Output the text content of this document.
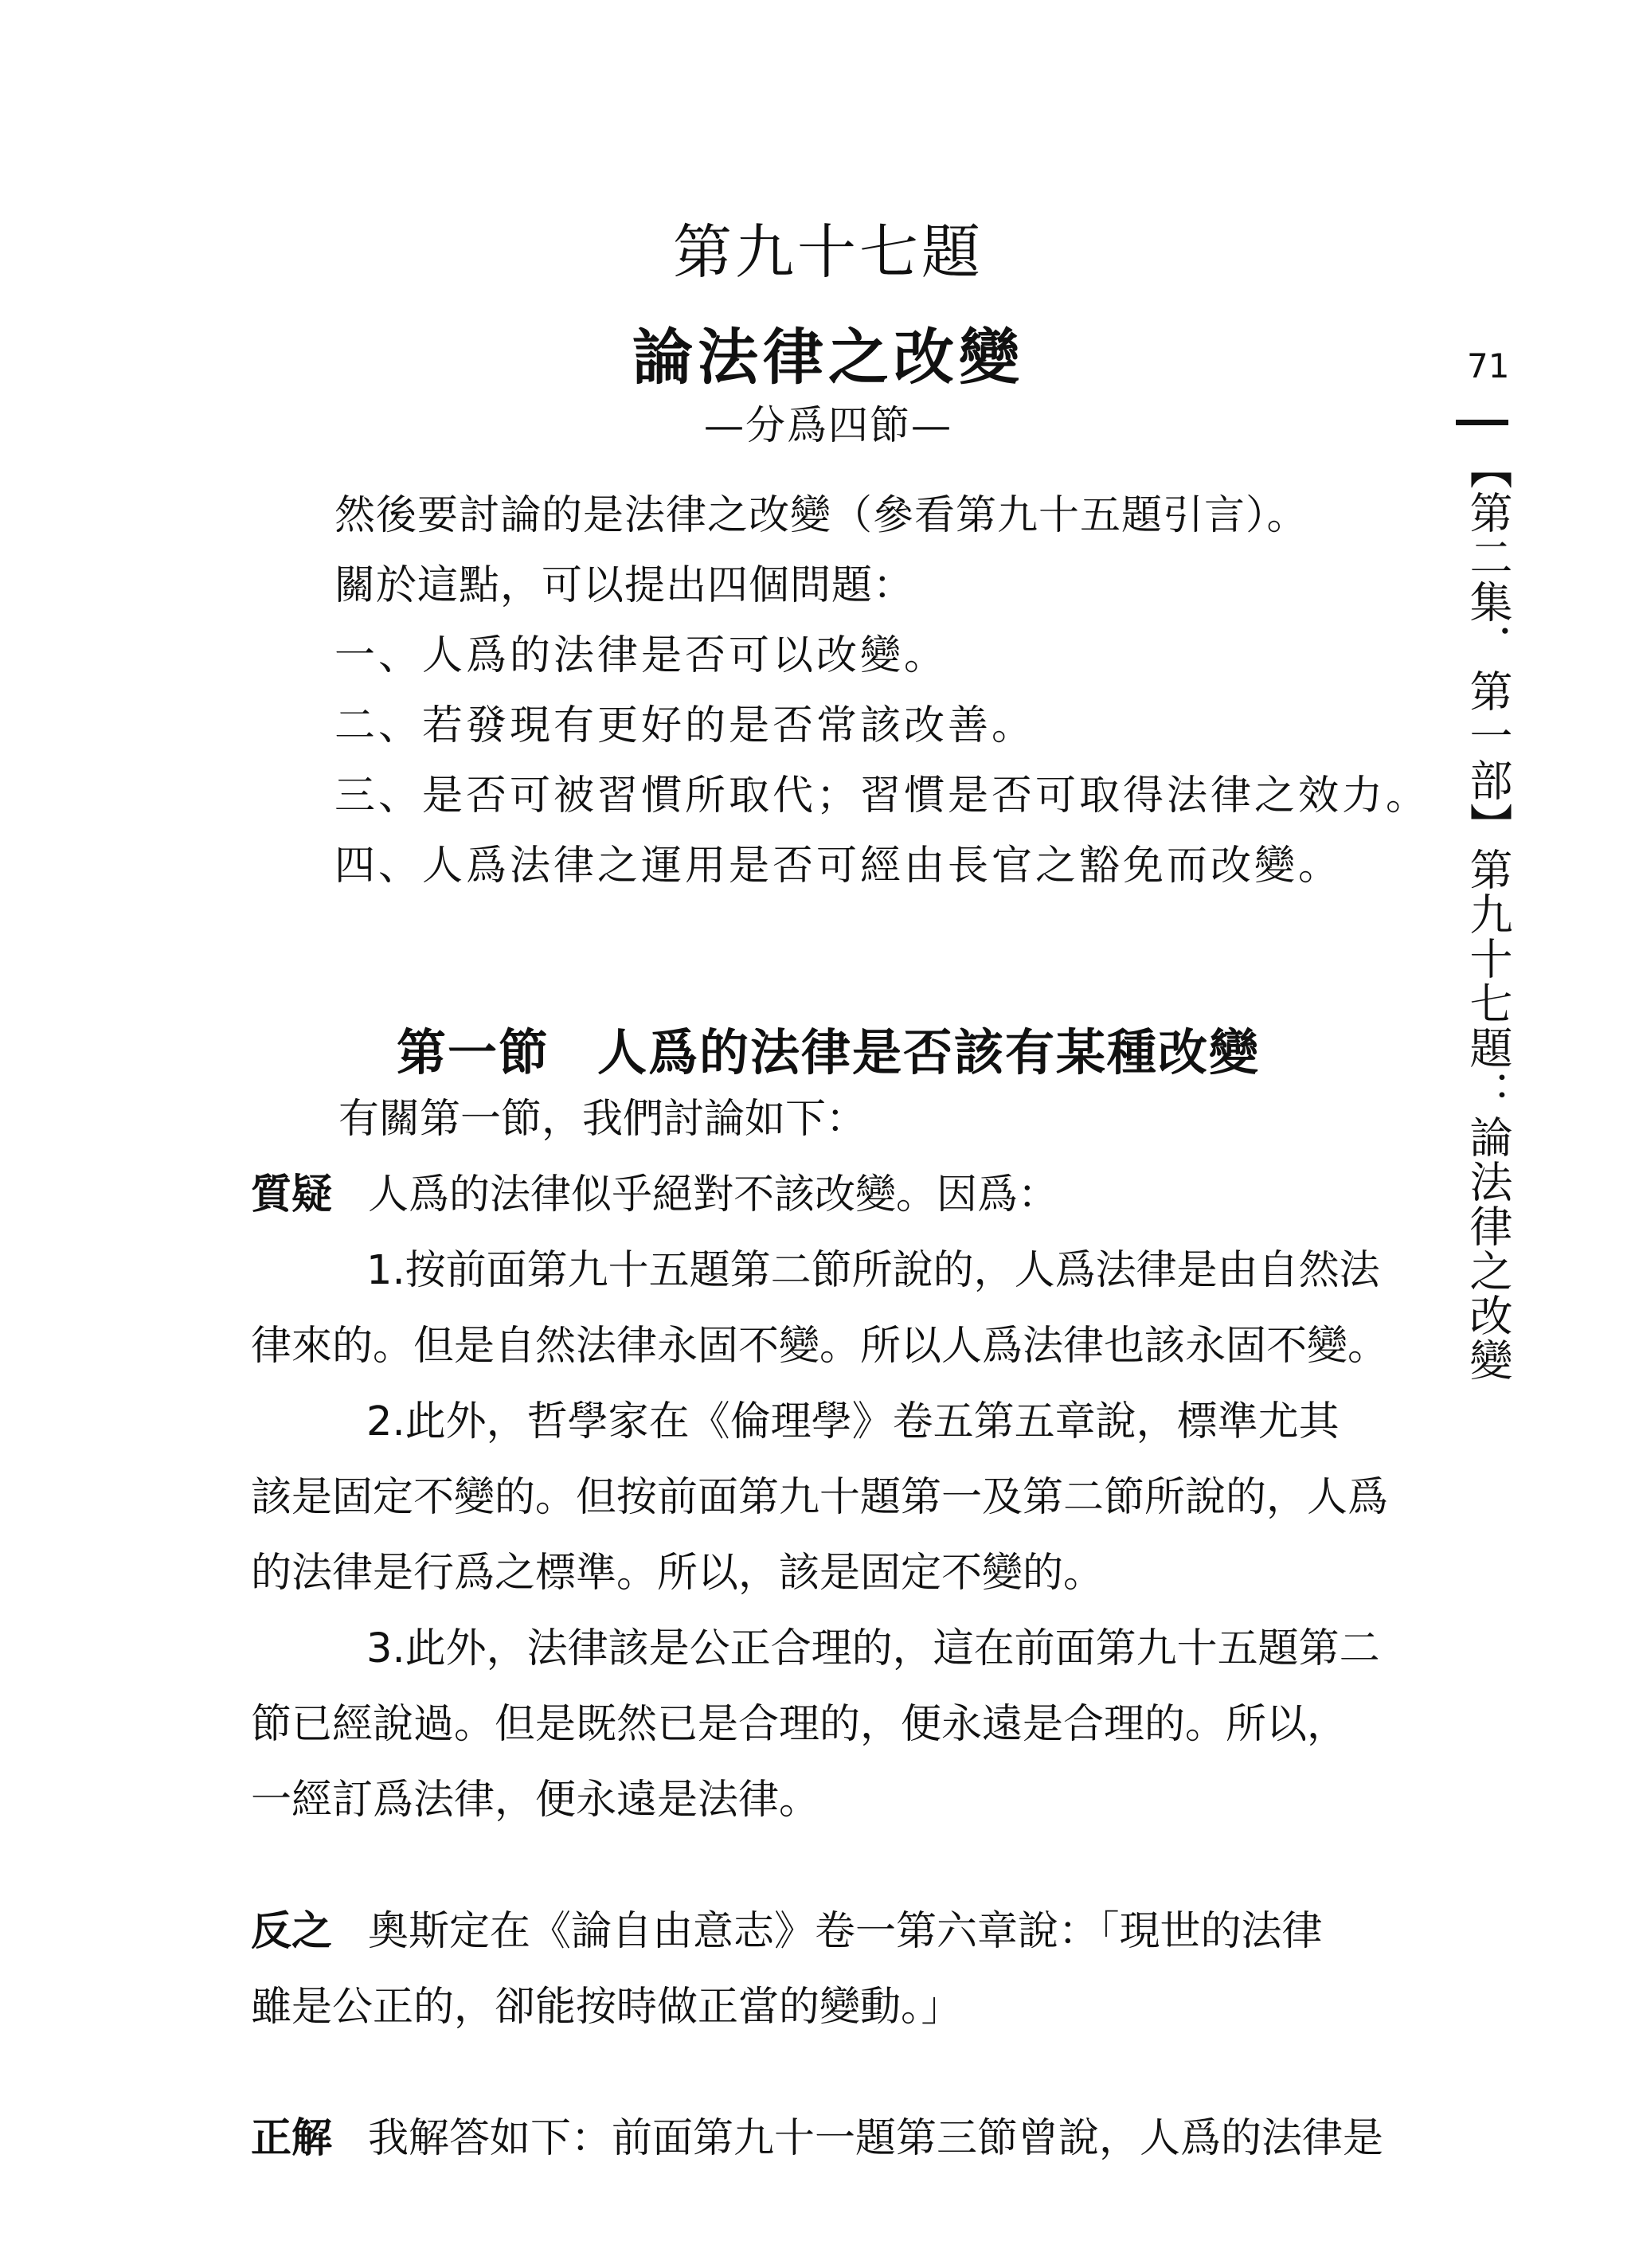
71
【第二集．第一部】第九十七題：論法律之改變
第九十七題
論法律之改變
—分爲四節—
然後要討論的是法律之改變（參看第九十五題引言）。
關於這點，可以提出四個問題：
一、人爲的法律是否可以改變。
二、若發現有更好的是否常該改善。
三、是否可被習慣所取代；習慣是否可取得法律之效力。
四、人爲法律之運用是否可經由長官之豁免而改變。
第一節 人爲的法律是否該有某種改變
有關第一節，我們討論如下：
質疑 人爲的法律似乎絕對不該改變。因爲：
1.按前面第九十五題第二節所說的，人爲法律是由自然法
律來的。但是自然法律永固不變。所以人爲法律也該永固不變。
2.此外，哲學家在《倫理學》卷五第五章說，標準尤其
該是固定不變的。但按前面第九十題第一及第二節所說的，人爲
的法律是行爲之標準。所以，該是固定不變的。
3.此外，法律該是公正合理的，這在前面第九十五題第二
節已經說過。但是既然已是合理的，便永遠是合理的。所以，
一經訂爲法律，便永遠是法律。
反之 奧斯定在《論自由意志》卷一第六章說：「現世的法律
雖是公正的，卻能按時做正當的變動。」
正解 我解答如下：前面第九十一題第三節曾說，人爲的法律是
